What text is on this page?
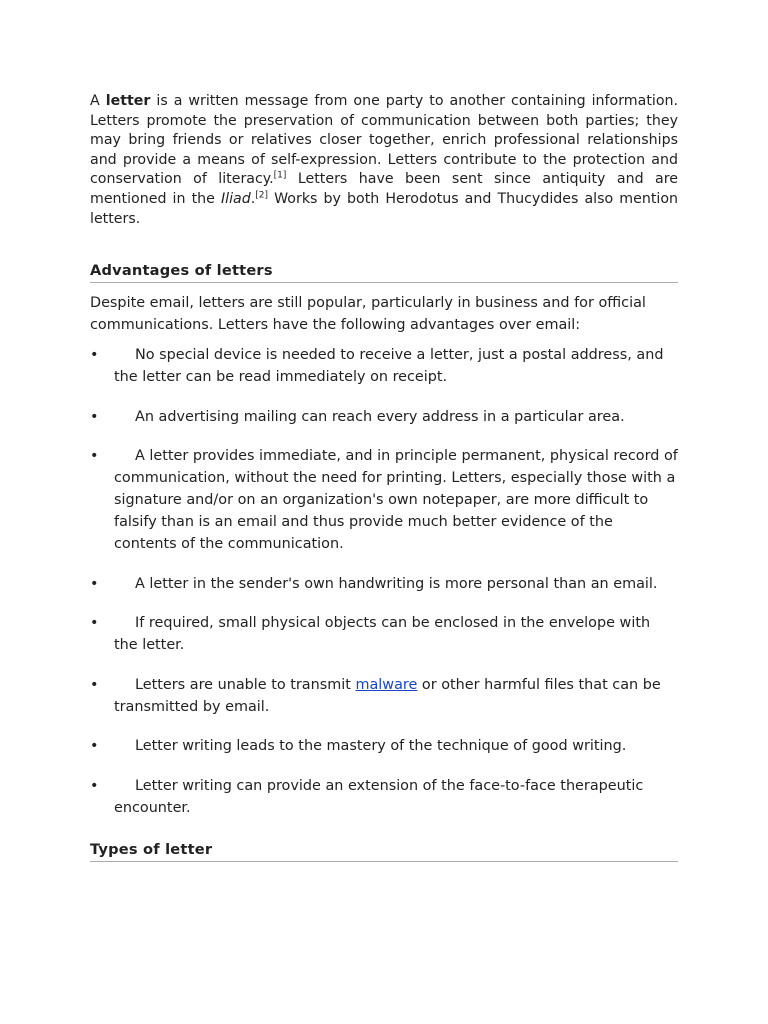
A letter is a written message from one party to another containing information. Letters promote the preservation of communication between both parties; they may bring friends or relatives closer together, enrich professional relationships and provide a means of self-expression. Letters contribute to the protection and conservation of literacy.[1] Letters have been sent since antiquity and are mentioned in the Iliad.[2] Works by both Herodotus and Thucydides also mention letters.

Advantages of letters

Despite email, letters are still popular, particularly in business and for official communications. Letters have the following advantages over email:

•	No special device is needed to receive a letter, just a postal address, and the letter can be read immediately on receipt.
•	An advertising mailing can reach every address in a particular area.
•	A letter provides immediate, and in principle permanent, physical record of communication, without the need for printing. Letters, especially those with a signature and/or on an organization's own notepaper, are more difficult to falsify than is an email and thus provide much better evidence of the contents of the communication.
•	A letter in the sender's own handwriting is more personal than an email.
•	If required, small physical objects can be enclosed in the envelope with the letter.
•	Letters are unable to transmit malware or other harmful files that can be transmitted by email.
•	Letter writing leads to the mastery of the technique of good writing.
•	Letter writing can provide an extension of the face-to-face therapeutic encounter.
Types of letter
